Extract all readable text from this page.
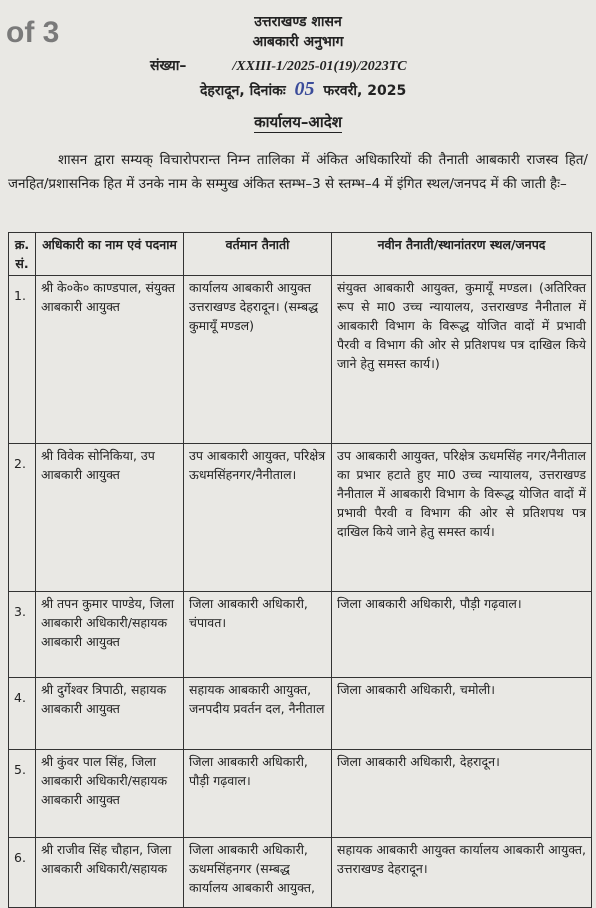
of 3	उत्तराखण्ड शासन
आबकारी अनुभाग
संख्या–	/XXIII-1/2025-01(19)/2023TC
देहरादून, दिनांकः 05 फरवरी, 2025
कार्यालय–आदेश
शासन द्वारा सम्यक् विचारोपरान्त निम्न तालिका में अंकित अधिकारियों की तैनाती आबकारी राजस्व हित/जनहित/प्रशासनिक हित में उनके नाम के सम्मुख अंकित स्तम्भ–3 से स्तम्भ–4 में इंगित स्थल/जनपद में की जाती हैः–
क्र. सं.	अधिकारी का नाम एवं पदनाम	वर्तमान तैनाती	नवीन तैनाती/स्थानांतरण स्थल/जनपद
1.	श्री के०के० काण्डपाल, संयुक्त आबकारी आयुक्त	कार्यालय आबकारी आयुक्त उत्तराखण्ड देहरादून। (सम्बद्ध कुमायूँ मण्डल)	संयुक्त आबकारी आयुक्त, कुमायूँ मण्डल। (अतिरिक्त रूप से मा0 उच्च न्यायालय, उत्तराखण्ड नैनीताल में आबकारी विभाग के विरूद्ध योजित वादों में प्रभावी पैरवी व विभाग की ओर से प्रतिशपथ पत्र दाखिल किये जाने हेतु समस्त कार्य।)
2.	श्री विवेक सोनिकिया, उप आबकारी आयुक्त	उप आबकारी आयुक्त, परिक्षेत्र ऊधमसिंहनगर/नैनीताल।	उप आबकारी आयुक्त, परिक्षेत्र ऊधमसिंह नगर/नैनीताल का प्रभार हटाते हुए मा0 उच्च न्यायालय, उत्तराखण्ड नैनीताल में आबकारी विभाग के विरूद्ध योजित वादों में प्रभावी पैरवी व विभाग की ओर से प्रतिशपथ पत्र दाखिल किये जाने हेतु समस्त कार्य।
3.	श्री तपन कुमार पाण्डेय, जिला आबकारी अधिकारी/सहायक आबकारी आयुक्त	जिला आबकारी अधिकारी, चंपावत।	जिला आबकारी अधिकारी, पौड़ी गढ़वाल।
4.	श्री दुर्गेश्वर त्रिपाठी, सहायक आबकारी आयुक्त	सहायक आबकारी आयुक्त, जनपदीय प्रवर्तन दल, नैनीताल	जिला आबकारी अधिकारी, चमोली।
5.	श्री कुंवर पाल सिंह, जिला आबकारी अधिकारी/सहायक आबकारी आयुक्त	जिला आबकारी अधिकारी, पौड़ी गढ़वाल।	जिला आबकारी अधिकारी, देहरादून।
6.	श्री राजीव सिंह चौहान, जिला आबकारी अधिकारी/सहायक	जिला आबकारी अधिकारी, ऊधमसिंहनगर (सम्बद्ध कार्यालय आबकारी आयुक्त,	सहायक आबकारी आयुक्त कार्यालय आबकारी आयुक्त, उत्तराखण्ड देहरादून।
